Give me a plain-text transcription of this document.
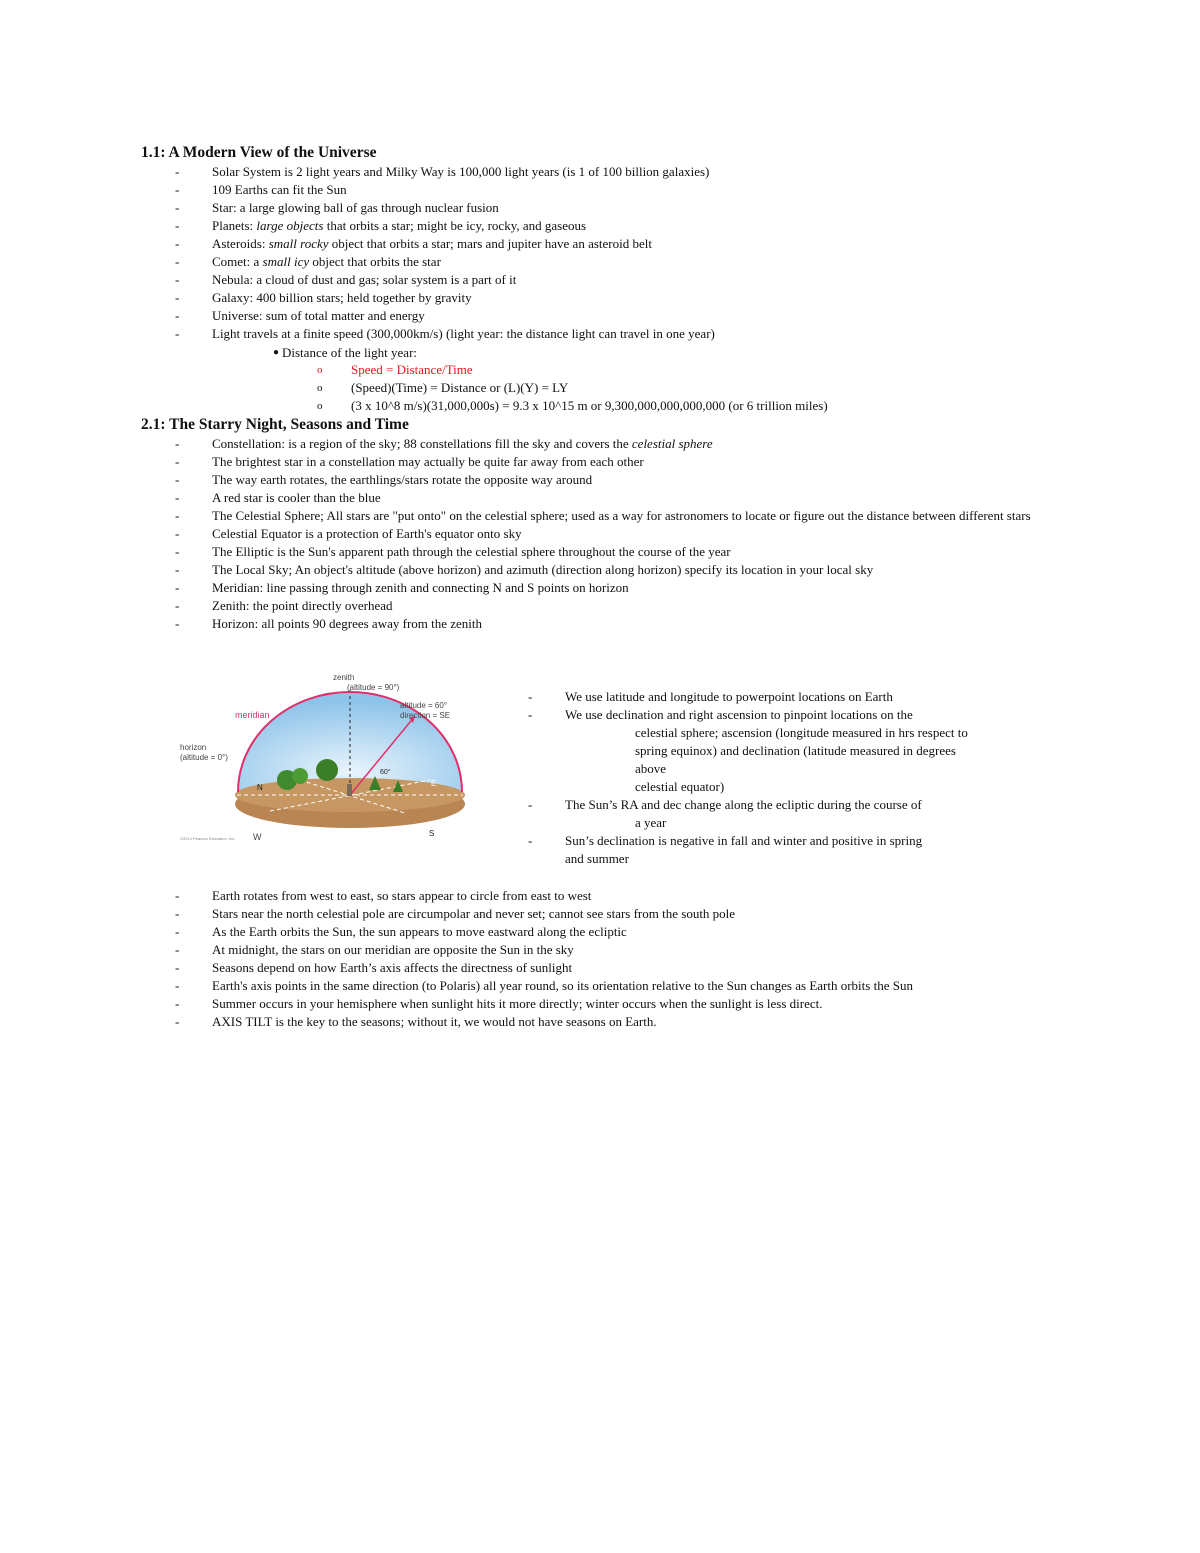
1.1: A Modern View of the Universe
-	Solar System is 2 light years and Milky Way is 100,000 light years (is 1 of 100 billion galaxies)
-	109 Earths can fit the Sun
-	Star: a large glowing ball of gas through nuclear fusion
-	Planets: large objects that orbits a star; might be icy, rocky, and gaseous
-	Asteroids: small rocky object that orbits a star; mars and jupiter have an asteroid belt
-	Comet: a small icy object that orbits the star
-	Nebula: a cloud of dust and gas; solar system is a part of it
-	Galaxy: 400 billion stars; held together by gravity
-	Universe: sum of total matter and energy
-	Light travels at a finite speed (300,000km/s) (light year: the distance light can travel in one year)
● Distance of the light year:
o Speed = Distance/Time
o (Speed)(Time) = Distance or (L)(Y) = LY
o (3 x 10^8 m/s)(31,000,000s) = 9.3 x 10^15 m or 9,300,000,000,000,000 (or 6 trillion miles)
2.1: The Starry Night, Seasons and Time
-	Constellation: is a region of the sky; 88 constellations fill the sky and covers the celestial sphere
-	The brightest star in a constellation may actually be quite far away from each other
-	The way earth rotates, the earthlings/stars rotate the opposite way around
-	A red star is cooler than the blue
-	The Celestial Sphere; All stars are "put onto" on the celestial sphere; used as a way for astronomers to locate or figure out the distance between different stars
-	Celestial Equator is a protection of Earth's equator onto sky
-	The Elliptic is the Sun's apparent path through the celestial sphere throughout the course of the year
-	The Local Sky; An object's altitude (above horizon) and azimuth (direction along horizon) specify its location in your local sky
-	Meridian: line passing through zenith and connecting N and S points on horizon
-	Zenith: the point directly overhead
-	Horizon: all points 90 degrees away from the zenith
zenith
(altitude = 90°)
altitude = 60°
direction = SE
meridian
horizon
(altitude = 0°)
60°
N	E
W	S
©2014 Pearson Education, Inc.
-	We use latitude and longitude to powerpoint locations on Earth
-	We use declination and right ascension to pinpoint locations on the
celestial sphere; ascension (longitude measured in hrs respect to
spring equinox) and declination (latitude measured in degrees
above
celestial equator)
-	The Sun’s RA and dec change along the ecliptic during the course of
a year
-	Sun’s declination is negative in fall and winter and positive in spring
and summer
-	Earth rotates from west to east, so stars appear to circle from east to west
-	Stars near the north celestial pole are circumpolar and never set; cannot see stars from the south pole
-	As the Earth orbits the Sun, the sun appears to move eastward along the ecliptic
-	At midnight, the stars on our meridian are opposite the Sun in the sky
-	Seasons depend on how Earth’s axis affects the directness of sunlight
-	Earth's axis points in the same direction (to Polaris) all year round, so its orientation relative to the Sun changes as Earth orbits the Sun
-	Summer occurs in your hemisphere when sunlight hits it more directly; winter occurs when the sunlight is less direct.
-	AXIS TILT is the key to the seasons; without it, we would not have seasons on Earth.
